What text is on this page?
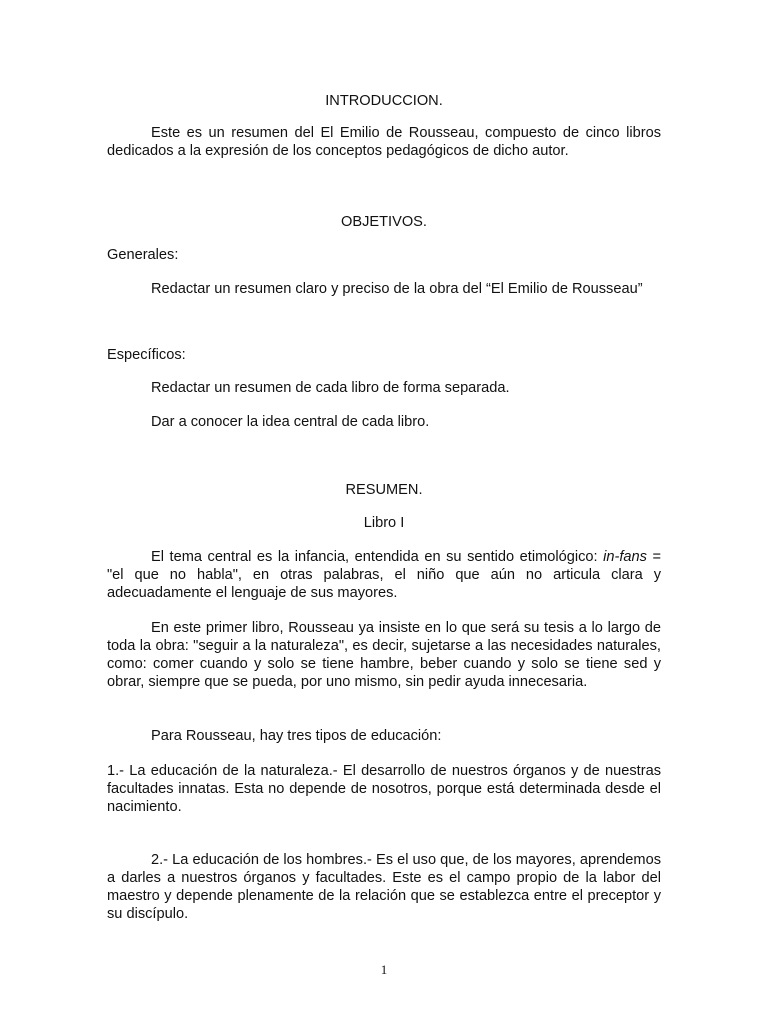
INTRODUCCION.

Este es un resumen del El Emilio de Rousseau, compuesto de cinco libros dedicados a la expresión de los conceptos pedagógicos de dicho autor.

OBJETIVOS.

Generales:

Redactar un resumen claro y preciso de la obra del “El Emilio de Rousseau”

Específicos:

Redactar un resumen de cada libro de forma separada.

Dar a conocer la idea central de cada libro.

RESUMEN.

Libro I

El tema central es la infancia, entendida en su sentido etimológico: in-fans = "el que no habla", en otras palabras, el niño que aún no articula clara y adecuadamente el lenguaje de sus mayores.

En este primer libro, Rousseau ya insiste en lo que será su tesis a lo largo de toda la obra: "seguir a la naturaleza", es decir, sujetarse a las necesidades naturales, como: comer cuando y solo se tiene hambre, beber cuando y solo se tiene sed y obrar, siempre que se pueda, por uno mismo, sin pedir ayuda innecesaria.

Para Rousseau, hay tres tipos de educación:

1.- La educación de la naturaleza.- El desarrollo de nuestros órganos y de nuestras facultades innatas. Esta no depende de nosotros, porque está determinada desde el nacimiento.

2.- La educación de los hombres.- Es el uso que, de los mayores, aprendemos a darles a nuestros órganos y facultades. Este es el campo propio de la labor del maestro y depende plenamente de la relación que se establezca entre el preceptor y su discípulo.

1
